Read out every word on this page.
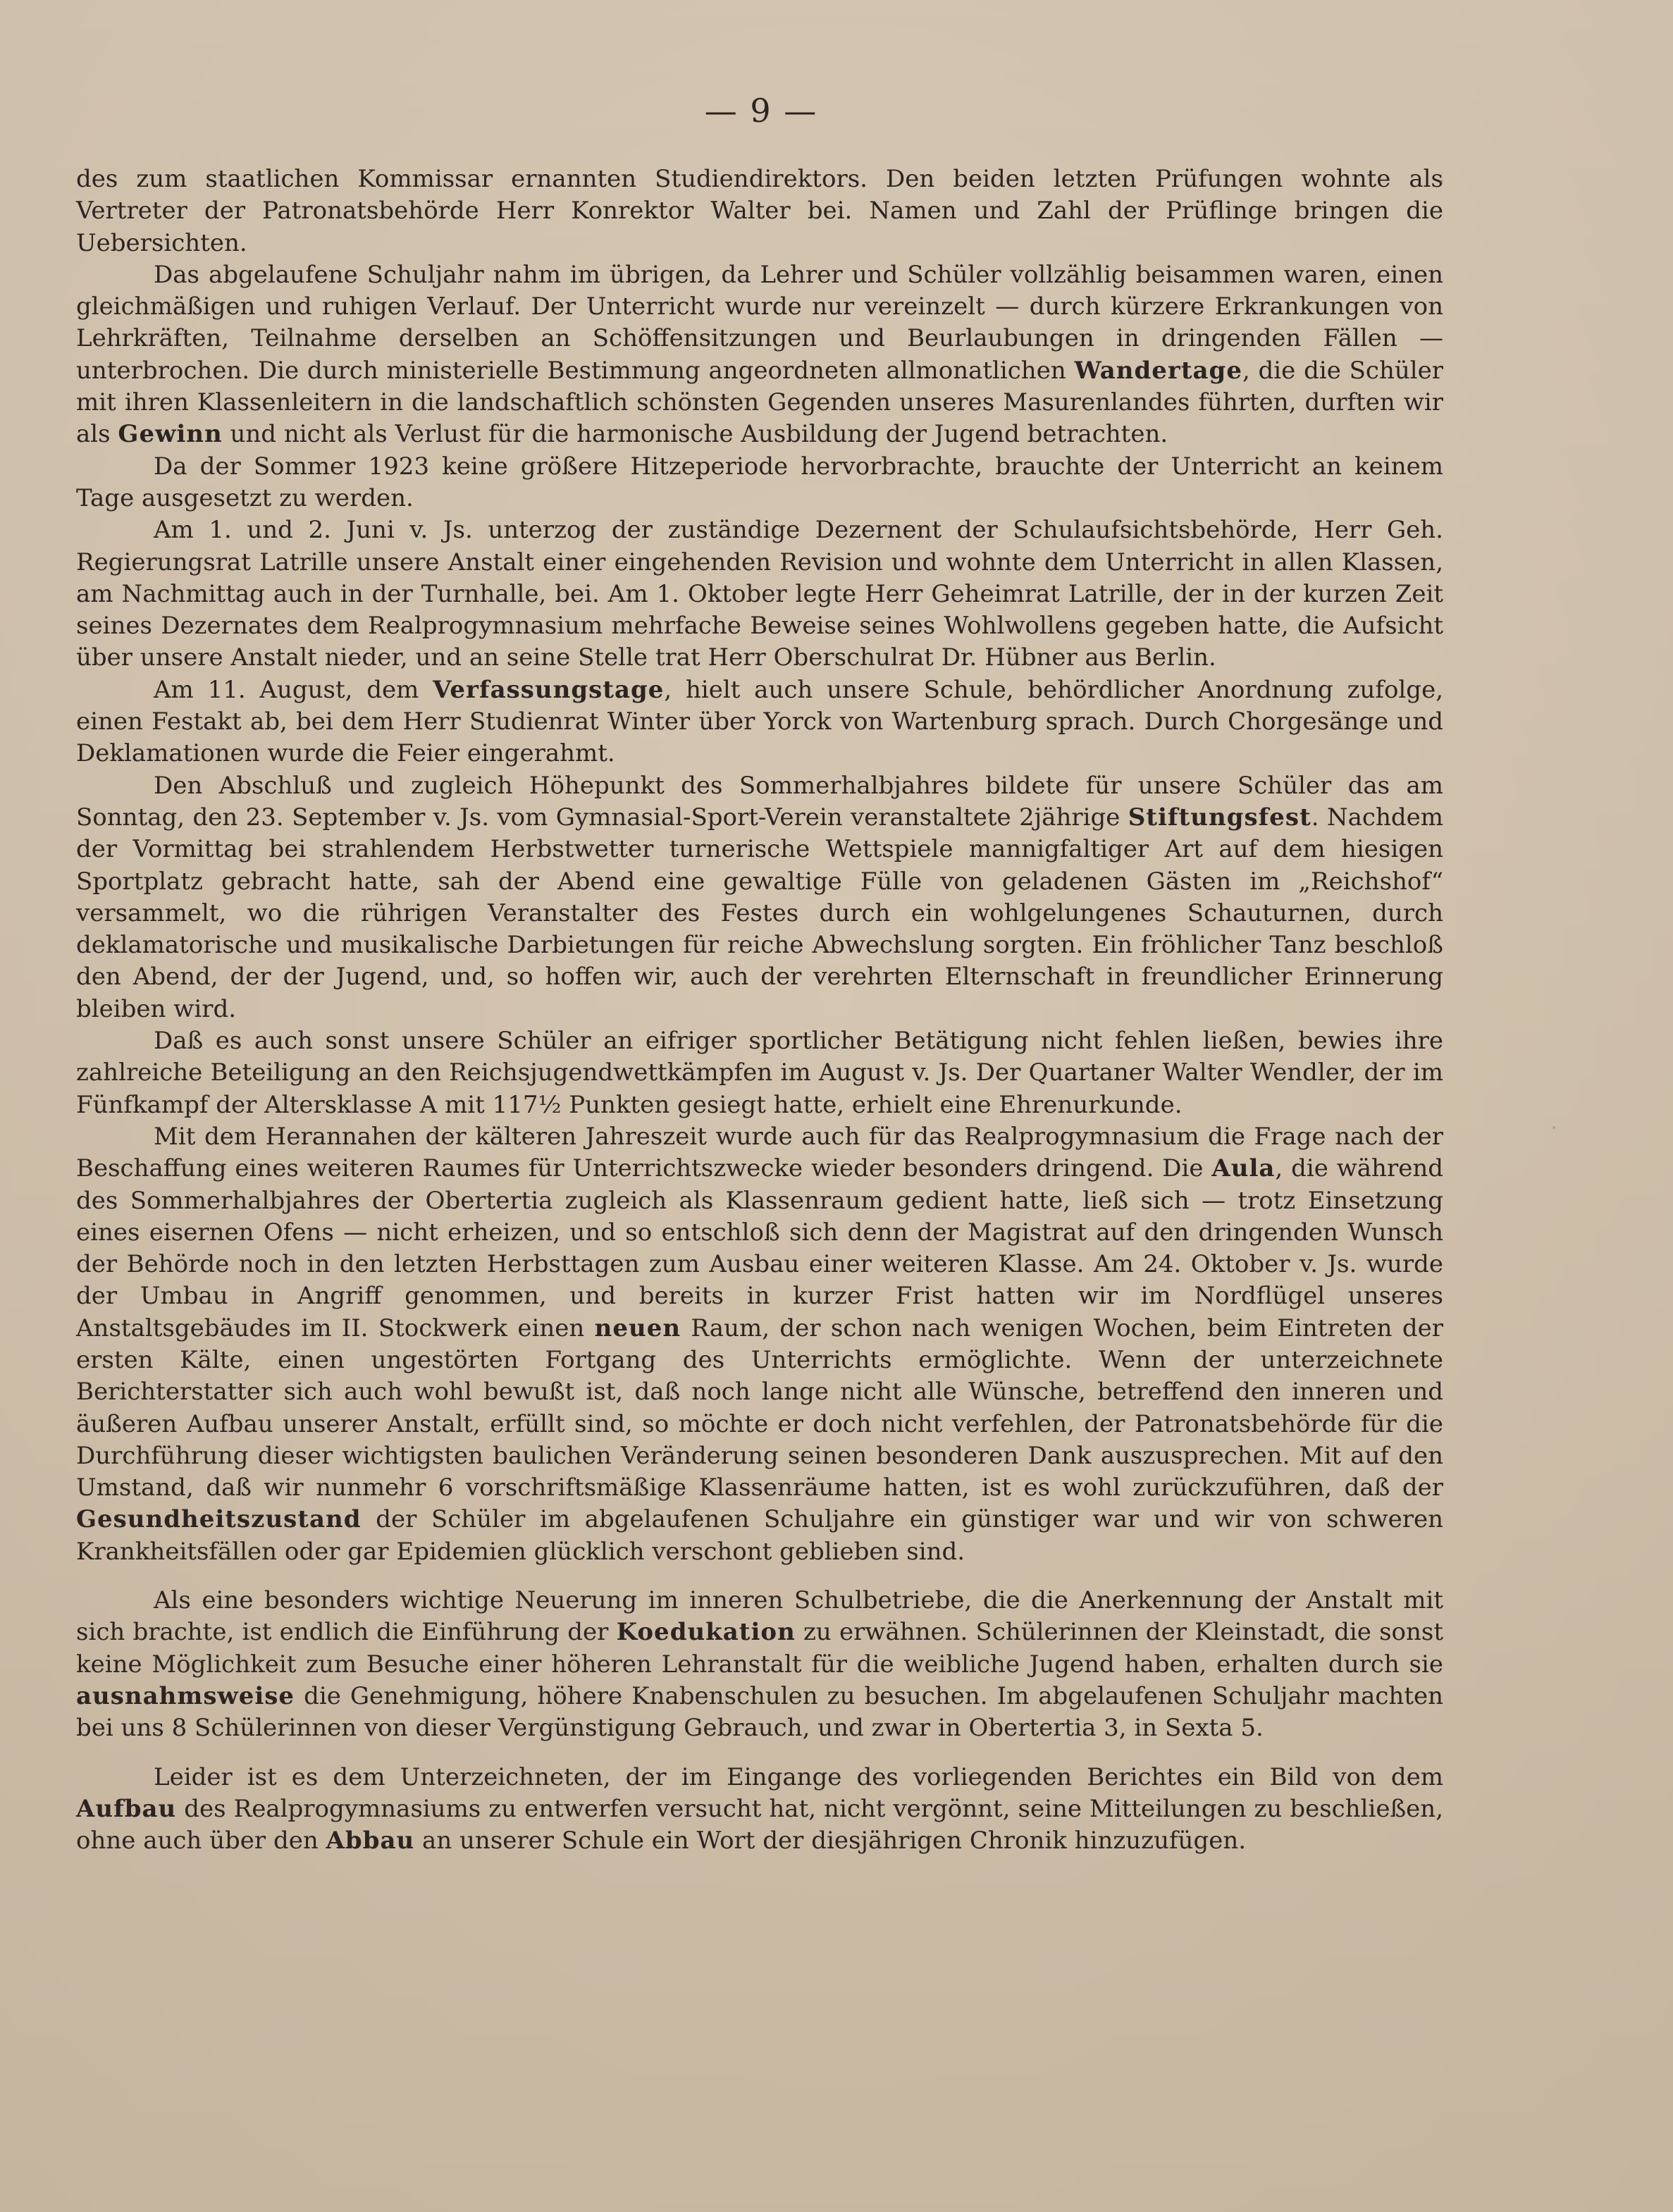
— 9 —

des zum staatlichen Kommissar ernannten Studiendirektors. Den beiden letzten Prüfungen wohnte als Vertreter der Patronatsbehörde Herr Konrektor Walter bei. Namen und Zahl der Prüflinge bringen die Uebersichten.

Das abgelaufene Schuljahr nahm im übrigen, da Lehrer und Schüler vollzählig beisammen waren, einen gleichmäßigen und ruhigen Verlauf. Der Unterricht wurde nur vereinzelt — durch kürzere Erkrankungen von Lehrkräften, Teilnahme derselben an Schöffensitzungen und Beurlaubungen in dringenden Fällen — unterbrochen. Die durch ministerielle Bestimmung angeordneten allmonatlichen Wandertage, die die Schüler mit ihren Klassenleitern in die landschaftlich schönsten Gegenden unseres Masurenlandes führten, durften wir als Gewinn und nicht als Verlust für die harmonische Ausbildung der Jugend betrachten.

Da der Sommer 1923 keine größere Hitzeperiode hervorbrachte, brauchte der Unterricht an keinem Tage ausgesetzt zu werden.

Am 1. und 2. Juni v. Js. unterzog der zuständige Dezernent der Schulaufsichtsbehörde, Herr Geh. Regierungsrat Latrille unsere Anstalt einer eingehenden Revision und wohnte dem Unterricht in allen Klassen, am Nachmittag auch in der Turnhalle, bei. Am 1. Oktober legte Herr Geheimrat Latrille, der in der kurzen Zeit seines Dezernates dem Realprogymnasium mehrfache Beweise seines Wohlwollens gegeben hatte, die Aufsicht über unsere Anstalt nieder, und an seine Stelle trat Herr Oberschulrat Dr. Hübner aus Berlin.

Am 11. August, dem Verfassungstage, hielt auch unsere Schule, behördlicher Anordnung zufolge, einen Festakt ab, bei dem Herr Studienrat Winter über Yorck von Wartenburg sprach. Durch Chorgesänge und Deklamationen wurde die Feier eingerahmt.

Den Abschluß und zugleich Höhepunkt des Sommerhalbjahres bildete für unsere Schüler das am Sonntag, den 23. September v. Js. vom Gymnasial-Sport-Verein veranstaltete 2jährige Stiftungsfest. Nachdem der Vormittag bei strahlendem Herbstwetter turnerische Wettspiele mannigfaltiger Art auf dem hiesigen Sportplatz gebracht hatte, sah der Abend eine gewaltige Fülle von geladenen Gästen im „Reichshof“ versammelt, wo die rührigen Veranstalter des Festes durch ein wohlgelungenes Schauturnen, durch deklamatorische und musikalische Darbietungen für reiche Abwechslung sorgten. Ein fröhlicher Tanz beschloß den Abend, der der Jugend, und, so hoffen wir, auch der verehrten Elternschaft in freundlicher Erinnerung bleiben wird.

Daß es auch sonst unsere Schüler an eifriger sportlicher Betätigung nicht fehlen ließen, bewies ihre zahlreiche Beteiligung an den Reichsjugendwettkämpfen im August v. Js. Der Quartaner Walter Wendler, der im Fünfkampf der Altersklasse A mit 117½ Punkten gesiegt hatte, erhielt eine Ehrenurkunde.

Mit dem Herannahen der kälteren Jahreszeit wurde auch für das Realprogymnasium die Frage nach der Beschaffung eines weiteren Raumes für Unterrichtszwecke wieder besonders dringend. Die Aula, die während des Sommerhalbjahres der Obertertia zugleich als Klassenraum gedient hatte, ließ sich — trotz Einsetzung eines eisernen Ofens — nicht erheizen, und so entschloß sich denn der Magistrat auf den dringenden Wunsch der Behörde noch in den letzten Herbsttagen zum Ausbau einer weiteren Klasse. Am 24. Oktober v. Js. wurde der Umbau in Angriff genommen, und bereits in kurzer Frist hatten wir im Nordflügel unseres Anstaltsgebäudes im II. Stockwerk einen neuen Raum, der schon nach wenigen Wochen, beim Eintreten der ersten Kälte, einen ungestörten Fortgang des Unterrichts ermöglichte. Wenn der unterzeichnete Berichterstatter sich auch wohl bewußt ist, daß noch lange nicht alle Wünsche, betreffend den inneren und äußeren Aufbau unserer Anstalt, erfüllt sind, so möchte er doch nicht verfehlen, der Patronatsbehörde für die Durchführung dieser wichtigsten baulichen Veränderung seinen besonderen Dank auszusprechen. Mit auf den Umstand, daß wir nunmehr 6 vorschriftsmäßige Klassenräume hatten, ist es wohl zurückzuführen, daß der Gesundheitszustand der Schüler im abgelaufenen Schuljahre ein günstiger war und wir von schweren Krankheitsfällen oder gar Epidemien glücklich verschont geblieben sind.

Als eine besonders wichtige Neuerung im inneren Schulbetriebe, die die Anerkennung der Anstalt mit sich brachte, ist endlich die Einführung der Koedukation zu erwähnen. Schülerinnen der Kleinstadt, die sonst keine Möglichkeit zum Besuche einer höheren Lehranstalt für die weibliche Jugend haben, erhalten durch sie ausnahmsweise die Genehmigung, höhere Knabenschulen zu besuchen. Im abgelaufenen Schuljahr machten bei uns 8 Schülerinnen von dieser Vergünstigung Gebrauch, und zwar in Obertertia 3, in Sexta 5.

Leider ist es dem Unterzeichneten, der im Eingange des vorliegenden Berichtes ein Bild von dem Aufbau des Realprogymnasiums zu entwerfen versucht hat, nicht vergönnt, seine Mitteilungen zu beschließen, ohne auch über den Abbau an unserer Schule ein Wort der diesjährigen Chronik hinzuzufügen.
